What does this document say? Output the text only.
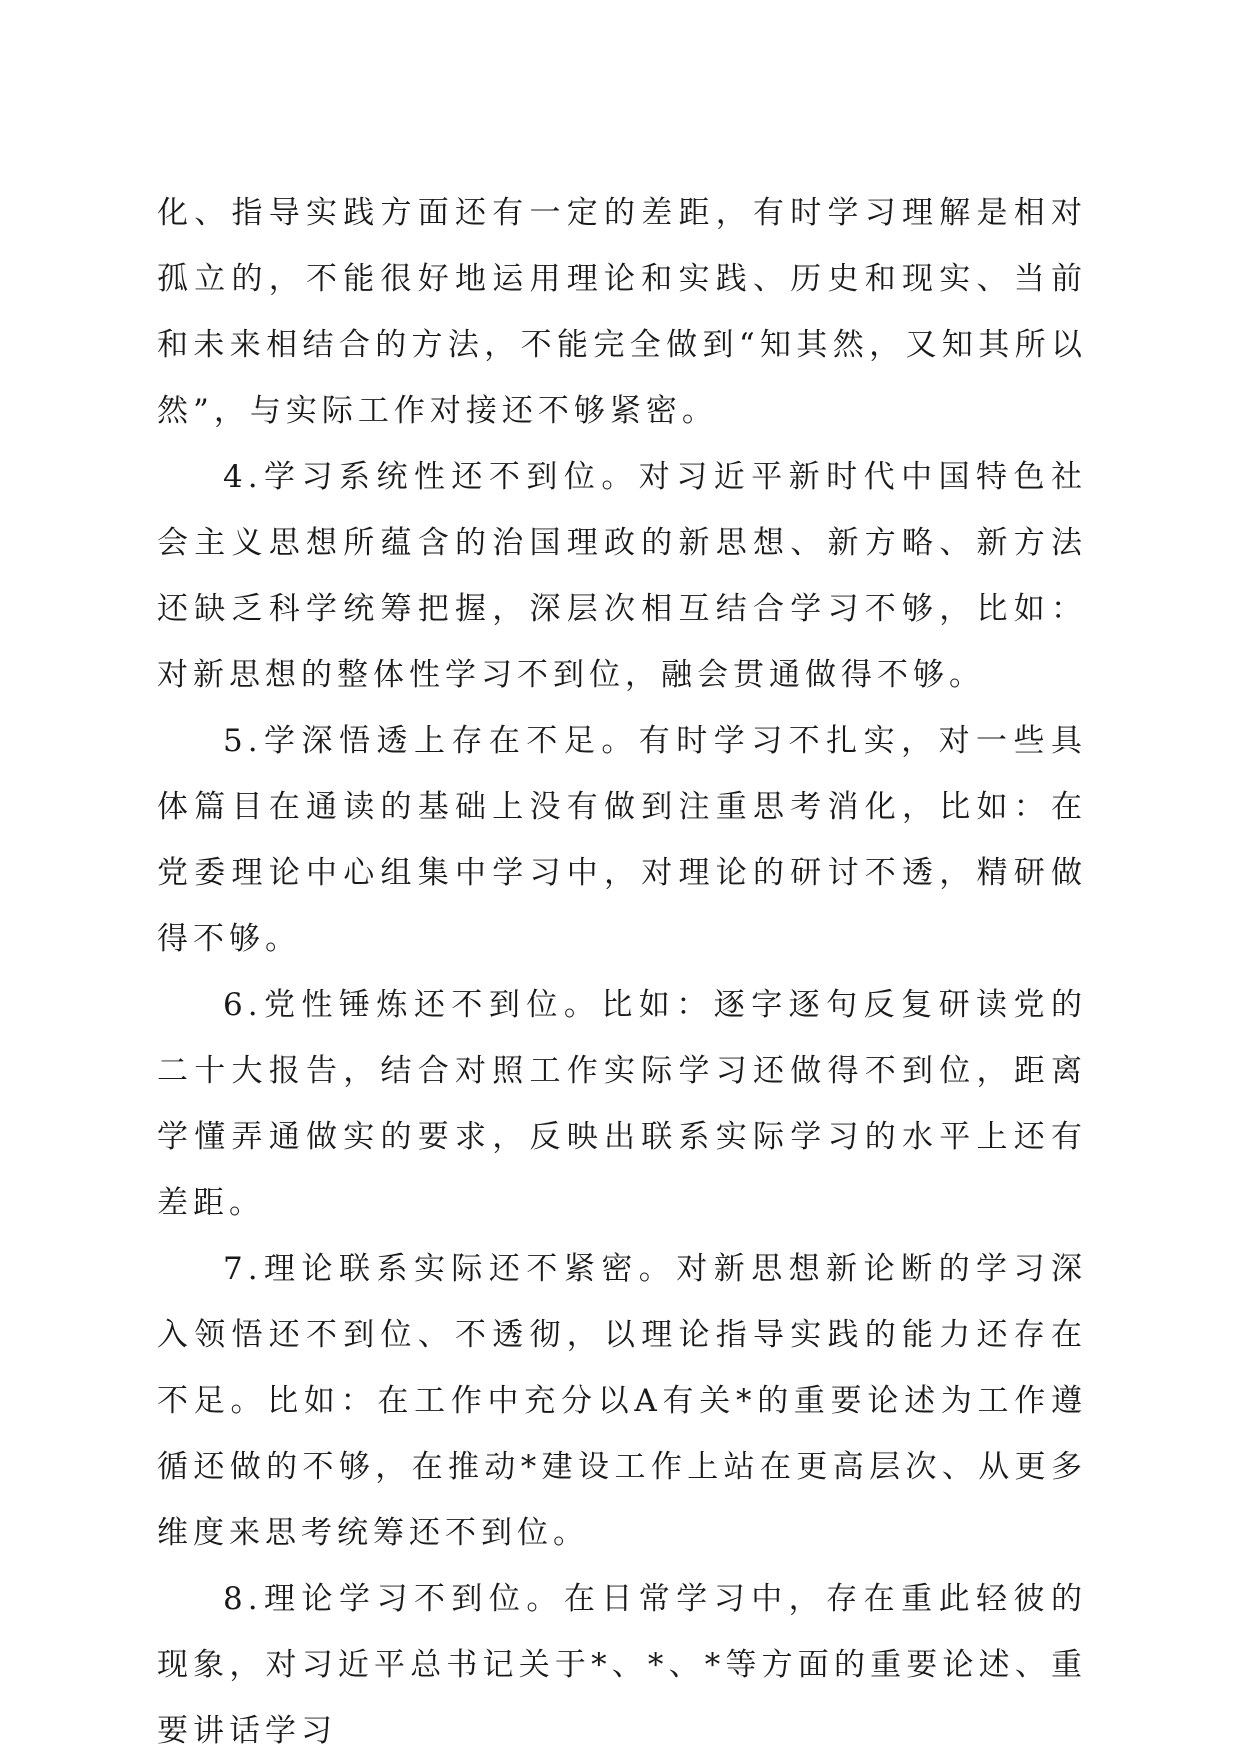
化、指导实践方面还有一定的差距，有时学习理解是相对孤立的，不能很好地运用理论和实践、历史和现实、当前和未来相结合的方法，不能完全做到“知其然，又知其所以然”，与实际工作对接还不够紧密。

4.学习系统性还不到位。对习近平新时代中国特色社会主义思想所蕴含的治国理政的新思想、新方略、新方法还缺乏科学统筹把握，深层次相互结合学习不够，比如：对新思想的整体性学习不到位，融会贯通做得不够。

5.学深悟透上存在不足。有时学习不扎实，对一些具体篇目在通读的基础上没有做到注重思考消化，比如：在党委理论中心组集中学习中，对理论的研讨不透，精研做得不够。

6.党性锤炼还不到位。比如：逐字逐句反复研读党的二十大报告，结合对照工作实际学习还做得不到位，距离学懂弄通做实的要求，反映出联系实际学习的水平上还有差距。

7.理论联系实际还不紧密。对新思想新论断的学习深入领悟还不到位、不透彻，以理论指导实践的能力还存在不足。比如：在工作中充分以A有关*的重要论述为工作遵循还做的不够，在推动*建设工作上站在更高层次、从更多维度来思考统筹还不到位。

8.理论学习不到位。在日常学习中，存在重此轻彼的现象，对习近平总书记关于*、*、*等方面的重要论述、重要讲话学习
